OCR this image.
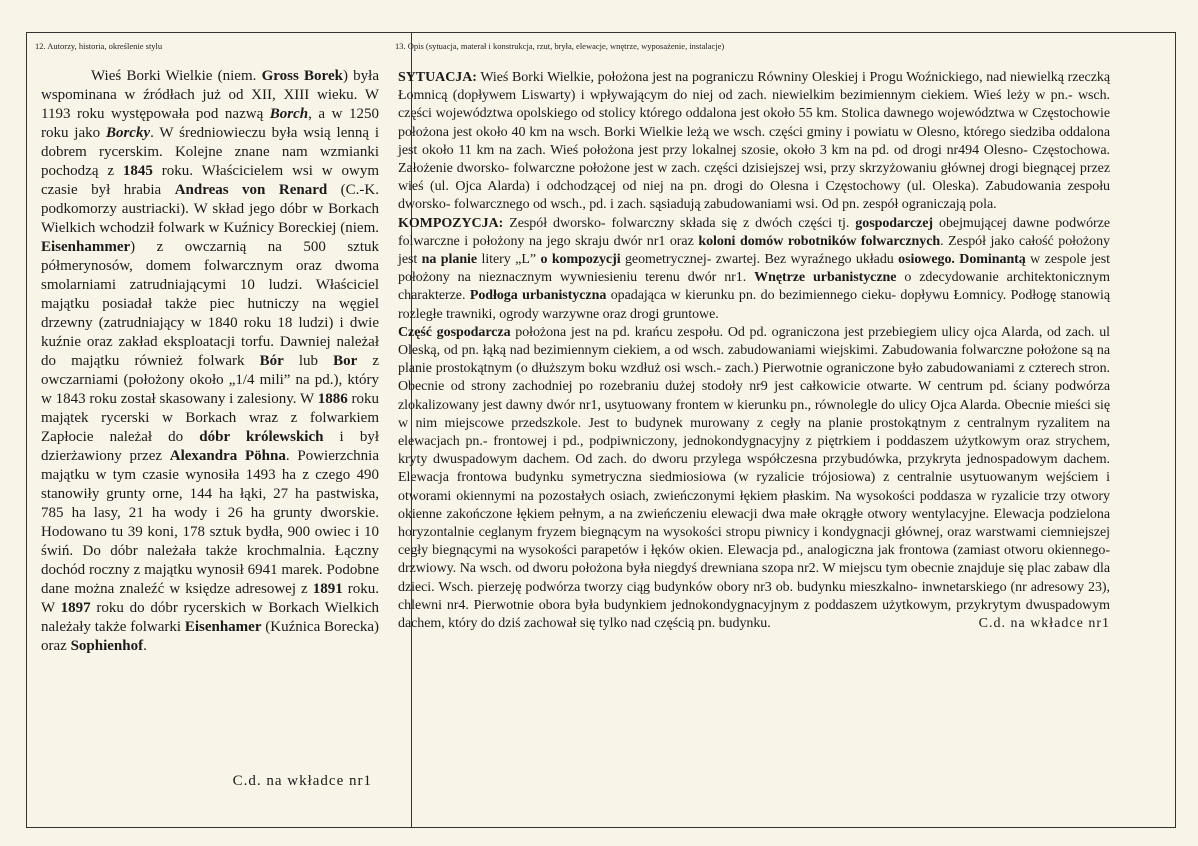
12. Autorzy, historia, określenie stylu	13. Opis (sytuacja, materał i konstrukcja, rzut, bryła, elewacje, wnętrze, wyposażenie, instalacje)

Wieś Borki Wielkie (niem. Gross Borek) była wspominana w źródłach już od XII, XIII wieku. W 1193 roku występowała pod nazwą Borch, a w 1250 roku jako Borcky. W średniowieczu była wsią lenną i dobrem rycerskim. Kolejne znane nam wzmianki pochodzą z 1845 roku. Właścicielem wsi w owym czasie był hrabia Andreas von Renard (C.-K. podkomorzy austriacki). W skład jego dóbr w Borkach Wielkich wchodził folwark w Kuźnicy Boreckiej (niem. Eisenhammer) z owczarnią na 500 sztuk półmerynosów, domem folwarcznym oraz dwoma smolarniami zatrudniającymi 10 ludzi. Właściciel majątku posiadał także piec hutniczy na węgiel drzewny (zatrudniający w 1840 roku 18 ludzi) i dwie kuźnie oraz zakład eksploatacji torfu. Dawniej należał do majątku również folwark Bór lub Bor z owczarniami (położony około „1/4 mili” na pd.), który w 1843 roku został skasowany i zalesiony. W 1886 roku majątek rycerski w Borkach wraz z folwarkiem Zapłocie należał do dóbr królewskich i był dzierżawiony przez Alexandra Pöhna. Powierzchnia majątku w tym czasie wynosiła 1493 ha z czego 490 stanowiły grunty orne, 144 ha łąki, 27 ha pastwiska, 785 ha lasy, 21 ha wody i 26 ha grunty dworskie. Hodowano tu 39 koni, 178 sztuk bydła, 900 owiec i 10 świń. Do dóbr należała także krochmalnia. Łączny dochód roczny z majątku wynosił 6941 marek. Podobne dane można znaleźć w księdze adresowej z 1891 roku. W 1897 roku do dóbr rycerskich w Borkach Wielkich należały także folwarki Eisenhamer (Kuźnica Borecka) oraz Sophienhof.

C.d. na wkładce nr1

SYTUACJA: Wieś Borki Wielkie, położona jest na pograniczu Równiny Oleskiej i Progu Woźnickiego, nad niewielką rzeczką Łomnicą (dopływem Liswarty) i wpływającym do niej od zach. niewielkim bezimiennym ciekiem. Wieś leży w pn.- wsch. części województwa opolskiego od stolicy którego oddalona jest około 55 km. Stolica dawnego województwa w Częstochowie położona jest około 40 km na wsch. Borki Wielkie leżą we wsch. części gminy i powiatu w Olesno, którego siedziba oddalona jest około 11 km na zach. Wieś położona jest przy lokalnej szosie, około 3 km na pd. od drogi nr494 Olesno- Częstochowa. Założenie dworsko- folwarczne położone jest w zach. części dzisiejszej wsi, przy skrzyżowaniu głównej drogi biegnącej przez wieś (ul. Ojca Alarda) i odchodzącej od niej na pn. drogi do Olesna i Częstochowy (ul. Oleska). Zabudowania zespołu dworsko- folwarcznego od wsch., pd. i zach. sąsiadują zabudowaniami wsi. Od pn. zespół ograniczają pola.

KOMPOZYCJA: Zespół dworsko- folwarczny składa się z dwóch części tj. gospodarczej obejmującej dawne podwórze folwarczne i położony na jego skraju dwór nr1 oraz koloni domów robotników folwarcznych. Zespół jako całość położony jest na planie litery „L” o kompozycji geometrycznej- zwartej. Bez wyraźnego układu osiowego. Dominantą w zespole jest położony na nieznacznym wywniesieniu terenu dwór nr1. Wnętrze urbanistyczne o zdecydowanie architektonicznym charakterze. Podłoga urbanistyczna opadająca w kierunku pn. do bezimiennego cieku- dopływu Łomnicy. Podłogę stanowią rozległe trawniki, ogrody warzywne oraz drogi gruntowe.

Część gospodarcza położona jest na pd. krańcu zespołu. Od pd. ograniczona jest przebiegiem ulicy ojca Alarda, od zach. ul Oleską, od pn. łąką nad bezimiennym ciekiem, a od wsch. zabudowaniami wiejskimi. Zabudowania folwarczne położone są na planie prostokątnym (o dłuższym boku wzdłuż osi wsch.- zach.) Pierwotnie ograniczone było zabudowaniami z czterech stron. Obecnie od strony zachodniej po rozebraniu dużej stodoły nr9 jest całkowicie otwarte. W centrum pd. ściany podwórza zlokalizowany jest dawny dwór nr1, usytuowany frontem w kierunku pn., równolegle do ulicy Ojca Alarda. Obecnie mieści się w nim miejscowe przedszkole. Jest to budynek murowany z cegły na planie prostokątnym z centralnym ryzalitem na elewacjach pn.- frontowej i pd., podpiwniczony, jednokondygnacyjny z piętrkiem i poddaszem użytkowym oraz strychem, kryty dwuspadowym dachem. Od zach. do dworu przylega współczesna przybudówka, przykryta jednospadowym dachem. Elewacja frontowa budynku symetryczna siedmiosiowa (w ryzalicie trójosiowa) z centralnie usytuowanym wejściem i otworami okiennymi na pozostałych osiach, zwieńczonymi łękiem płaskim. Na wysokości poddasza w ryzalicie trzy otwory okienne zakończone łękiem pełnym, a na zwieńczeniu elewacji dwa małe okrągłe otwory wentylacyjne. Elewacja podzielona horyzontalnie ceglanym fryzem biegnącym na wysokości stropu piwnicy i kondygnacji głównej, oraz warstwami ciemniejszej cegły biegnącymi na wysokości parapetów i łęków okien. Elewacja pd., analogiczna jak frontowa (zamiast otworu okiennego- drzwiowy. Na wsch. od dworu położona była niegdyś drewniana szopa nr2. W miejscu tym obecnie znajduje się plac zabaw dla dzieci. Wsch. pierzeję podwórza tworzy ciąg budynków obory nr3 ob. budynku mieszkalno- inwnetarskiego (nr adresowy 23), chlewni nr4. Pierwotnie obora była budynkiem jednokondygnacyjnym z poddaszem użytkowym, przykrytym dwuspadowym dachem, który do dziś zachował się tylko nad częścią pn. budynku.	C.d. na wkładce nr1
